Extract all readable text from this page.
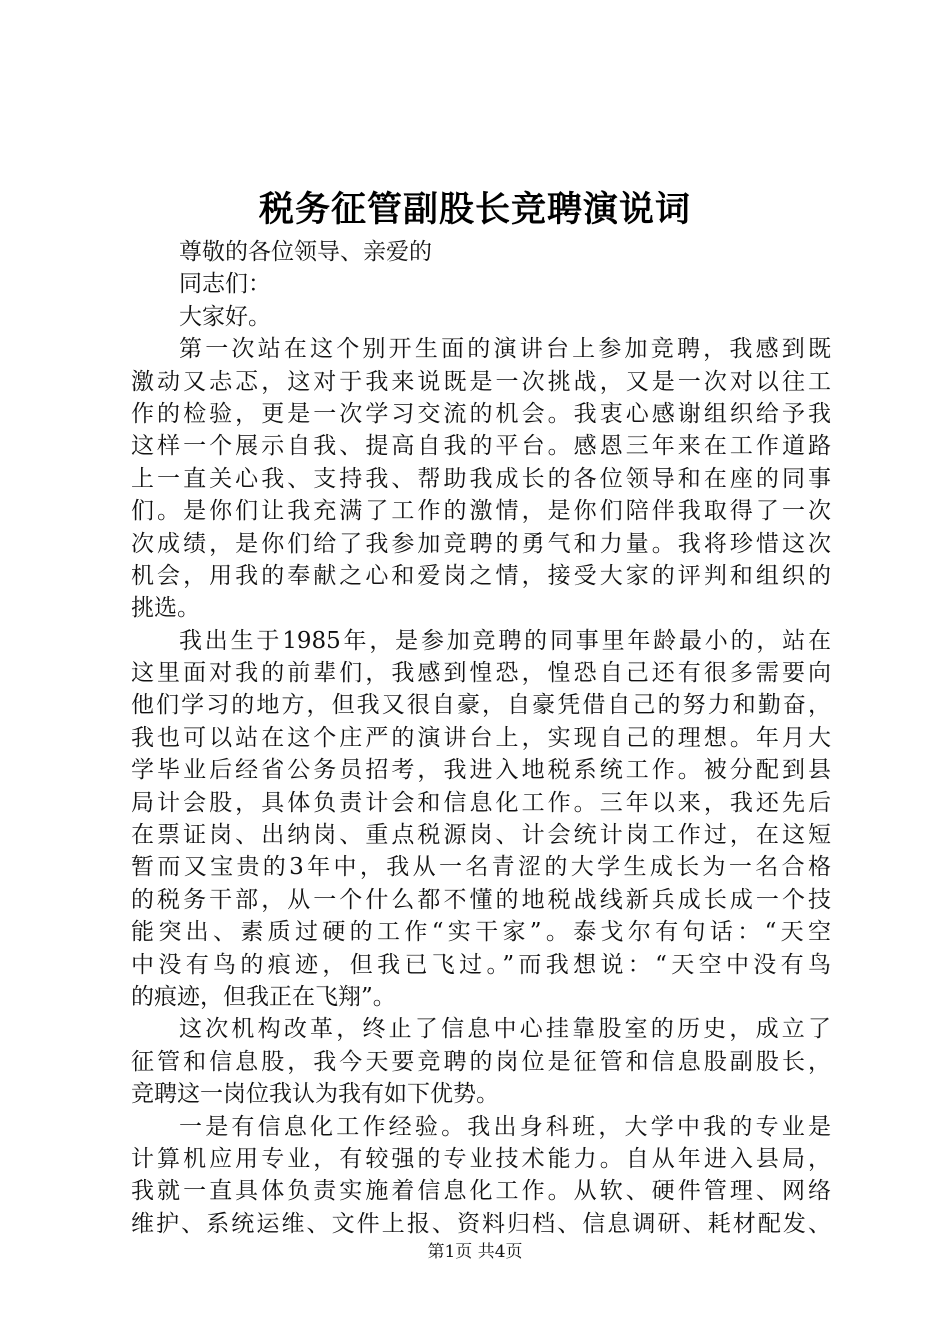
税务征管副股长竞聘演说词
尊敬的各位领导、亲爱的
同志们：
大家好。
第一次站在这个别开生面的演讲台上参加竞聘，我感到既
激动又忐忑，这对于我来说既是一次挑战，又是一次对以往工
作的检验，更是一次学习交流的机会。我衷心感谢组织给予我
这样一个展示自我、提高自我的平台。感恩三年来在工作道路
上一直关心我、支持我、帮助我成长的各位领导和在座的同事
们。是你们让我充满了工作的激情，是你们陪伴我取得了一次
次成绩，是你们给了我参加竞聘的勇气和力量。我将珍惜这次
机会，用我的奉献之心和爱岗之情，接受大家的评判和组织的
挑选。
我出生于1985年，是参加竞聘的同事里年龄最小的，站在
这里面对我的前辈们，我感到惶恐，惶恐自己还有很多需要向
他们学习的地方，但我又很自豪，自豪凭借自己的努力和勤奋，
我也可以站在这个庄严的演讲台上，实现自己的理想。年月大
学毕业后经省公务员招考，我进入地税系统工作。被分配到县
局计会股，具体负责计会和信息化工作。三年以来，我还先后
在票证岗、出纳岗、重点税源岗、计会统计岗工作过，在这短
暂而又宝贵的3年中，我从一名青涩的大学生成长为一名合格
的税务干部，从一个什么都不懂的地税战线新兵成长成一个技
能突出、素质过硬的工作“实干家”。泰戈尔有句话：“天空
中没有鸟的痕迹，但我已飞过。”而我想说：“天空中没有鸟
的痕迹，但我正在飞翔”。
这次机构改革，终止了信息中心挂靠股室的历史，成立了
征管和信息股，我今天要竞聘的岗位是征管和信息股副股长，
竞聘这一岗位我认为我有如下优势。
一是有信息化工作经验。我出身科班，大学中我的专业是
计算机应用专业，有较强的专业技术能力。自从年进入县局，
我就一直具体负责实施着信息化工作。从软、硬件管理、网络
维护、系统运维、文件上报、资料归档、信息调研、耗材配发、
第1页 共4页
